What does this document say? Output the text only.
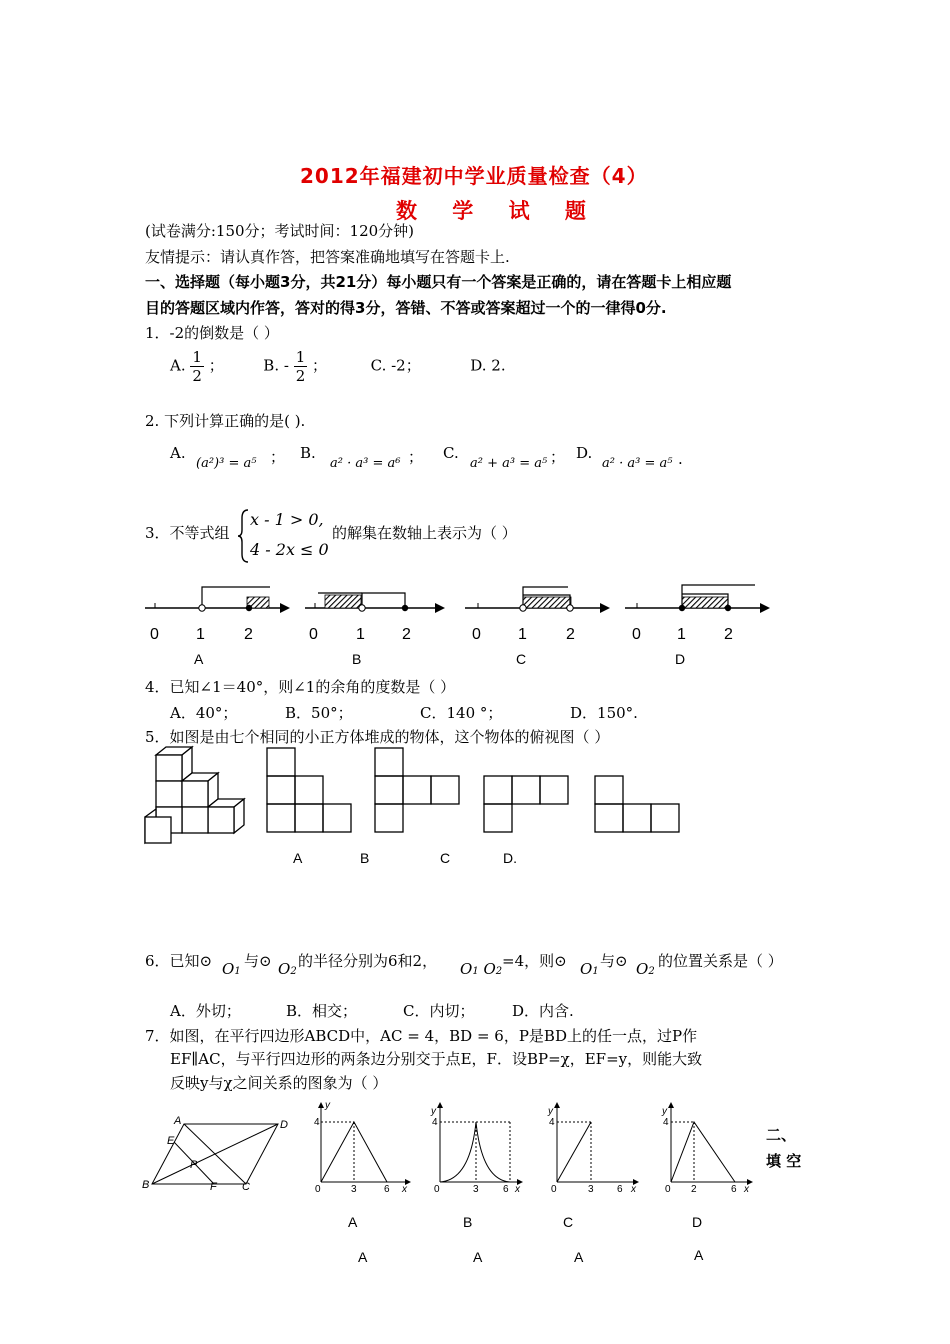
2012年福建初中学业质量检查（4）
数 学 试 题
(试卷满分:150分；考试时间：120分钟)
友情提示：请认真作答，把答案准确地填写在答题卡上.
一、选择题（每小题3分，共21分）每小题只有一个答案是正确的，请在答题卡上相应题
目的答题区域内作答，答对的得3分，答错、不答或答案超过一个的一律得0分.
1．-2的倒数是（ ）
A. $\frac{1}{2}$ ；	B. - $\frac{1}{2}$ ；	C. -2；	D. 2.
2. 下列计算正确的是( ).
A.
(a²)³ = a⁵ ； B.
a² · a³ = a⁶ ； C.
a² + a³ = a⁵ ； D.
a² · a³ = a⁵ .
3．不等式组
x - 1 > 0,
4 - 2x ≤ 0
的解集在数轴上表示为（ ）
0 1 2	0 1 2	0 1 2	0 1 2
A	B	C	D
4．已知∠1＝40°，则∠1的余角的度数是（ ）
A．40°；	B．50°；	C．140 °；	D．150°.
5．如图是由七个相同的小正方体堆成的物体，这个物体的俯视图（ ）
A	B	C	D.
6．已知⊙ O1
与⊙ O2
的半径分别为6和2， O1 O2
=4，则⊙ O1
与⊙ O2
的位置关系是（ ）
A．外切；	B．相交；	C．内切；	D．内含.
7．如图，在平行四边形ABCD中，AC = 4，BD = 6，P是BD上的任一点，过P作
EF∥AC，与平行四边形的两条边分别交于点E，F．设BP=χ，EF=y，则能大致
反映y与χ之间关系的图象为（ ）
A	D
B	C
E
F
P
y
4
0	3	6 x
y
4
0	3 6 x
y
4
0	3 6 x
y
4
0 2	6 x
二、
填 空
A	B	C	D
A	A	A	A
